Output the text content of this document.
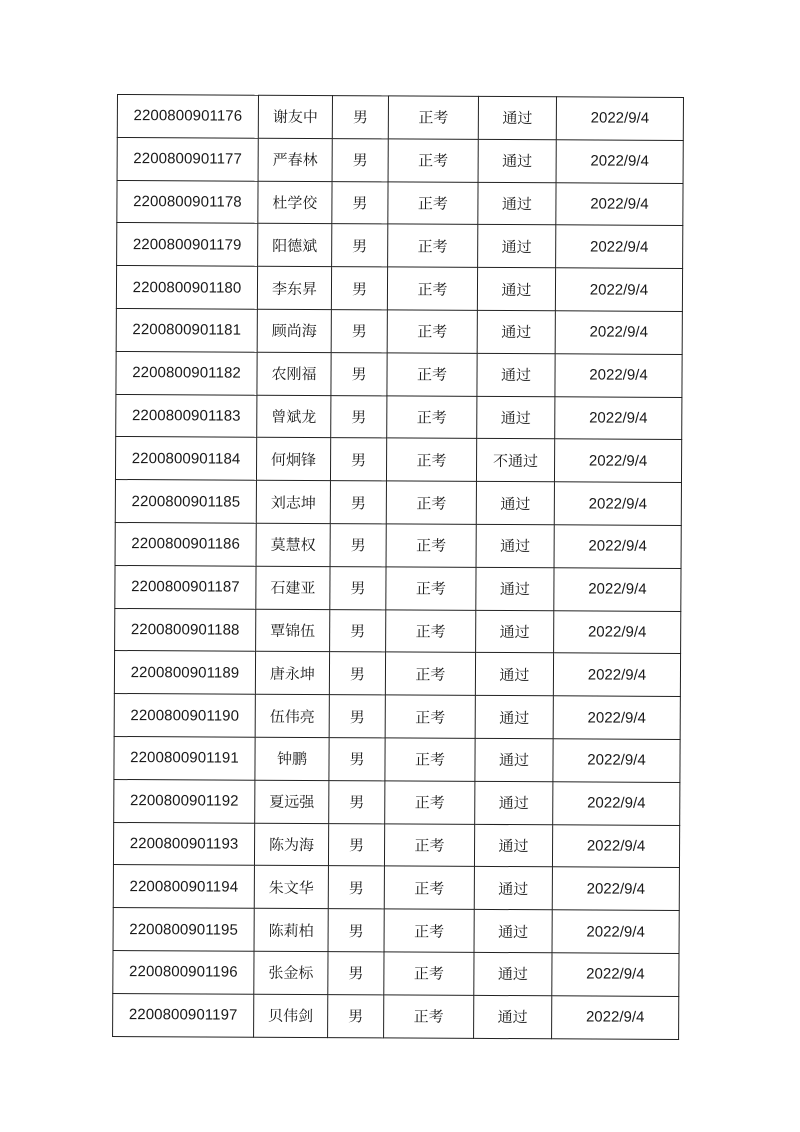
2200800901176	谢友中	男	正考	通过	2022/9/4
2200800901177	严春林	男	正考	通过	2022/9/4
2200800901178	杜学佼	男	正考	通过	2022/9/4
2200800901179	阳德斌	男	正考	通过	2022/9/4
2200800901180	李东昇	男	正考	通过	2022/9/4
2200800901181	顾尚海	男	正考	通过	2022/9/4
2200800901182	农刚福	男	正考	通过	2022/9/4
2200800901183	曾斌龙	男	正考	通过	2022/9/4
2200800901184	何炯锋	男	正考	不通过	2022/9/4
2200800901185	刘志坤	男	正考	通过	2022/9/4
2200800901186	莫慧权	男	正考	通过	2022/9/4
2200800901187	石建亚	男	正考	通过	2022/9/4
2200800901188	覃锦伍	男	正考	通过	2022/9/4
2200800901189	唐永坤	男	正考	通过	2022/9/4
2200800901190	伍伟亮	男	正考	通过	2022/9/4
2200800901191	钟鹏	男	正考	通过	2022/9/4
2200800901192	夏远强	男	正考	通过	2022/9/4
2200800901193	陈为海	男	正考	通过	2022/9/4
2200800901194	朱文华	男	正考	通过	2022/9/4
2200800901195	陈莉柏	男	正考	通过	2022/9/4
2200800901196	张金标	男	正考	通过	2022/9/4
2200800901197	贝伟剑	男	正考	通过	2022/9/4
